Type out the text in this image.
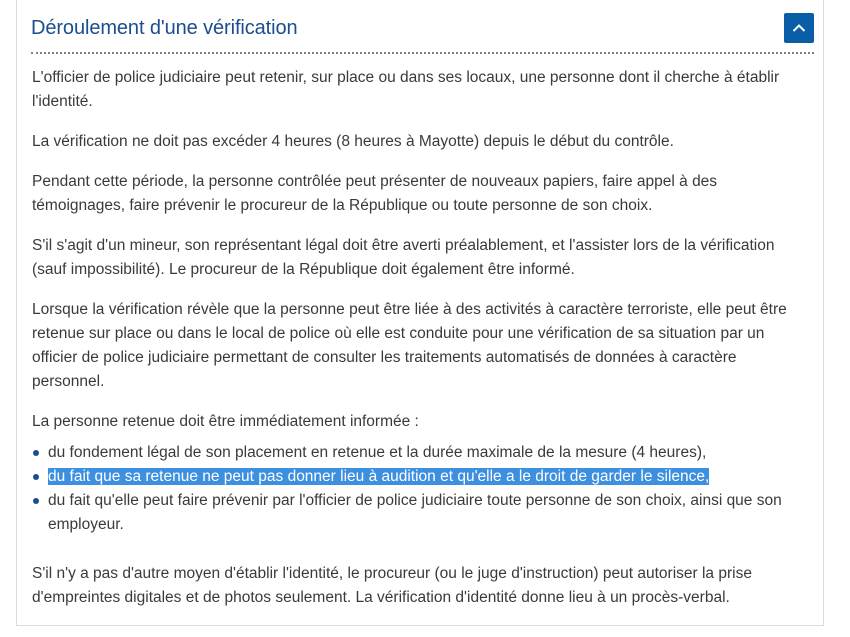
Déroulement d'une vérification

L'officier de police judiciaire peut retenir, sur place ou dans ses locaux, une personne dont il cherche à établir l'identité.

La vérification ne doit pas excéder 4 heures (8 heures à Mayotte) depuis le début du contrôle.

Pendant cette période, la personne contrôlée peut présenter de nouveaux papiers, faire appel à des témoignages, faire prévenir le procureur de la République ou toute personne de son choix.

S'il s'agit d'un mineur, son représentant légal doit être averti préalablement, et l'assister lors de la vérification (sauf impossibilité). Le procureur de la République doit également être informé.

Lorsque la vérification révèle que la personne peut être liée à des activités à caractère terroriste, elle peut être retenue sur place ou dans le local de police où elle est conduite pour une vérification de sa situation par un officier de police judiciaire permettant de consulter les traitements automatisés de données à caractère personnel.

La personne retenue doit être immédiatement informée :

du fondement légal de son placement en retenue et la durée maximale de la mesure (4 heures),
du fait que sa retenue ne peut pas donner lieu à audition et qu'elle a le droit de garder le silence,
du fait qu'elle peut faire prévenir par l'officier de police judiciaire toute personne de son choix, ainsi que son employeur.

S'il n'y a pas d'autre moyen d'établir l'identité, le procureur (ou le juge d'instruction) peut autoriser la prise d'empreintes digitales et de photos seulement. La vérification d'identité donne lieu à un procès-verbal.
